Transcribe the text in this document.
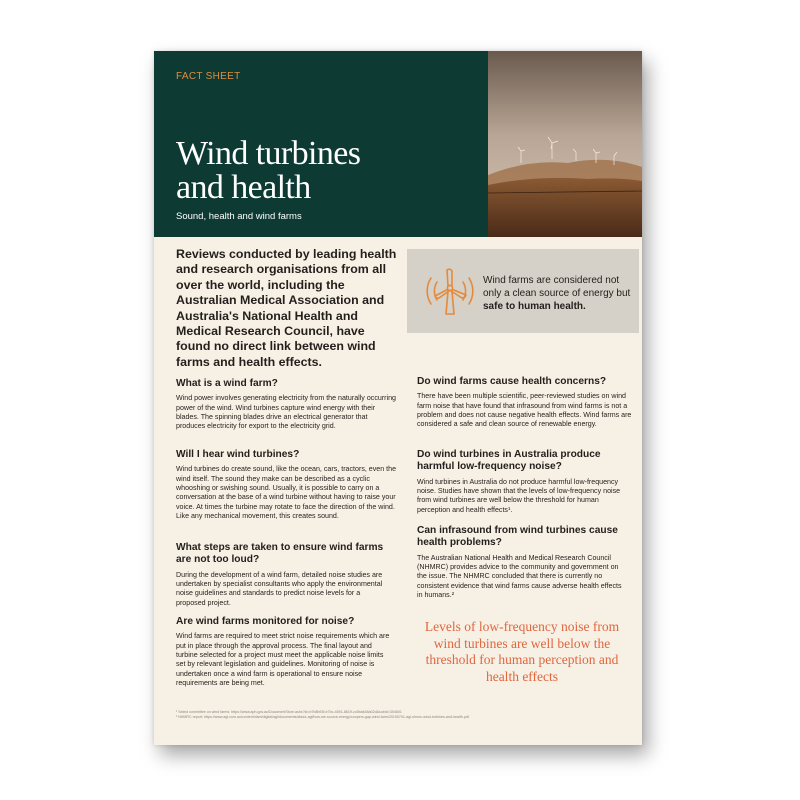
FACT SHEET
Wind turbines
and health
Sound, health and wind farms
Reviews conducted by leading health and research organisations from all over the world, including the Australian Medical Association and Australia's National Health and Medical Research Council, have found no direct link between wind farms and health effects.
Wind farms are considered not only a clean source of energy but safe to human health.
What is a wind farm?

Wind power involves generating electricity from the naturally occurring power of the wind. Wind turbines capture wind energy with their blades. The spinning blades drive an electrical generator that produces electricity for export to the electricity grid.

Will I hear wind turbines?

Wind turbines do create sound, like the ocean, cars, tractors, even the wind itself. The sound they make can be described as a cyclic whooshing or swishing sound. Usually, it is possible to carry on a conversation at the base of a wind turbine without having to raise your voice. At times the turbine may rotate to face the direction of the wind. Like any mechanical movement, this creates sound.

What steps are taken to ensure wind farms are not too loud?

During the development of a wind farm, detailed noise studies are undertaken by specialist consultants who apply the environmental noise guidelines and standards to predict noise levels for a proposed project.

Are wind farms monitored for noise?

Wind farms are required to meet strict noise requirements which are put in place through the approval process. The final layout and turbine selected for a project must meet the applicable noise limits set by relevant legislation and guidelines. Monitoring of noise is undertaken once a wind farm is operational to ensure noise requirements are being met.

Do wind farms cause health concerns?

There have been multiple scientific, peer-reviewed studies on wind farm noise that have found that infrasound from wind farms is not a problem and does not cause negative health effects. Wind farms are considered a safe and clean source of renewable energy.

Do wind turbines in Australia produce harmful low-frequency noise?

Wind turbines in Australia do not produce harmful low-frequency noise. Studies have shown that the levels of low-frequency noise from wind turbines are well below the threshold for human perception and health effects¹.

Can infrasound from wind turbines cause health problems?

The Australian National Health and Medical Research Council (NHMRC) provides advice to the community and government on the issue. The NHMRC concluded that there is currently no consistent evidence that wind farms cause adverse health effects in humans.²

Levels of low-frequency noise from wind turbines are well below the threshold for human perception and health effects
¹ Select committee on wind farms: https://www.aph.gov.au/DocumentStore.ashx?id=b7b8b93f-e7bc-4591-8619-cc5ba648a02d&subId=304601
² NHMRC report: https://www.agl.com.au/content/dam/digital/agl/documents/about-agl/how-we-source-energy/coopers-gap-wind-farm/20190701-agl-nhmrc-wind-turbines-and-health.pdf
